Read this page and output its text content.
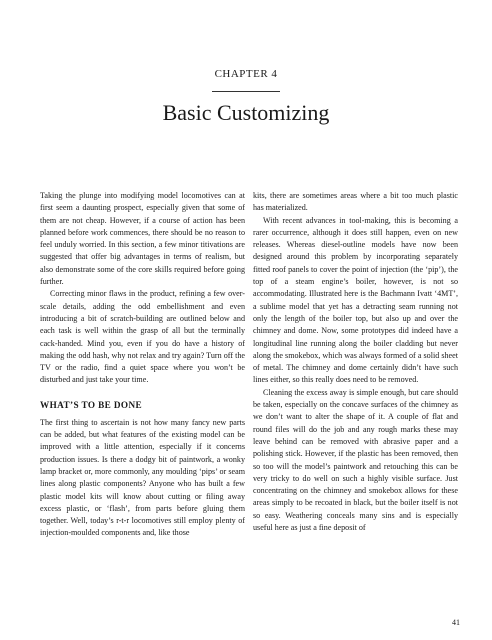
CHAPTER 4
Basic Customizing

Taking the plunge into modifying model locomotives can at first seem a daunting prospect, especially given that some of them are not cheap. However, if a course of action has been planned before work commences, there should be no reason to feel unduly worried. In this section, a few minor titivations are suggested that offer big advantages in terms of realism, but also demonstrate some of the core skills required before going further.

Correcting minor flaws in the product, refining a few over-scale details, adding the odd embellishment and even introducing a bit of scratch-building are outlined below and each task is well within the grasp of all but the terminally cack-handed. Mind you, even if you do have a history of making the odd hash, why not relax and try again? Turn off the TV or the radio, find a quiet space where you won’t be disturbed and just take your time.

WHAT’S TO BE DONE

The first thing to ascertain is not how many fancy new parts can be added, but what features of the existing model can be improved with a little attention, especially if it concerns production issues. Is there a dodgy bit of paintwork, a wonky lamp bracket or, more commonly, any moulding ‘pips’ or seam lines along plastic components? Anyone who has built a few plastic model kits will know about cutting or filing away excess plastic, or ‘flash’, from parts before gluing them together. Well, today’s r-t-r locomotives still employ plenty of injection-moulded components and, like those

kits, there are sometimes areas where a bit too much plastic has materialized.

With recent advances in tool-making, this is becoming a rarer occurrence, although it does still happen, even on new releases. Whereas diesel-outline models have now been designed around this problem by incorporating separately fitted roof panels to cover the point of injection (the ‘pip’), the top of a steam engine’s boiler, however, is not so accommodating. Illustrated here is the Bachmann Ivatt ‘4MT’, a sublime model that yet has a detracting seam running not only the length of the boiler top, but also up and over the chimney and dome. Now, some prototypes did indeed have a longitudinal line running along the boiler cladding but never along the smokebox, which was always formed of a solid sheet of metal. The chimney and dome certainly didn’t have such lines either, so this really does need to be removed.

Cleaning the excess away is simple enough, but care should be taken, especially on the concave surfaces of the chimney as we don’t want to alter the shape of it. A couple of flat and round files will do the job and any rough marks these may leave behind can be removed with abrasive paper and a polishing stick. However, if the plastic has been removed, then so too will the model’s paintwork and retouching this can be very tricky to do well on such a highly visible surface. Just concentrating on the chimney and smokebox allows for these areas simply to be recoated in black, but the boiler itself is not so easy. Weathering conceals many sins and is especially useful here as just a fine deposit of

41
